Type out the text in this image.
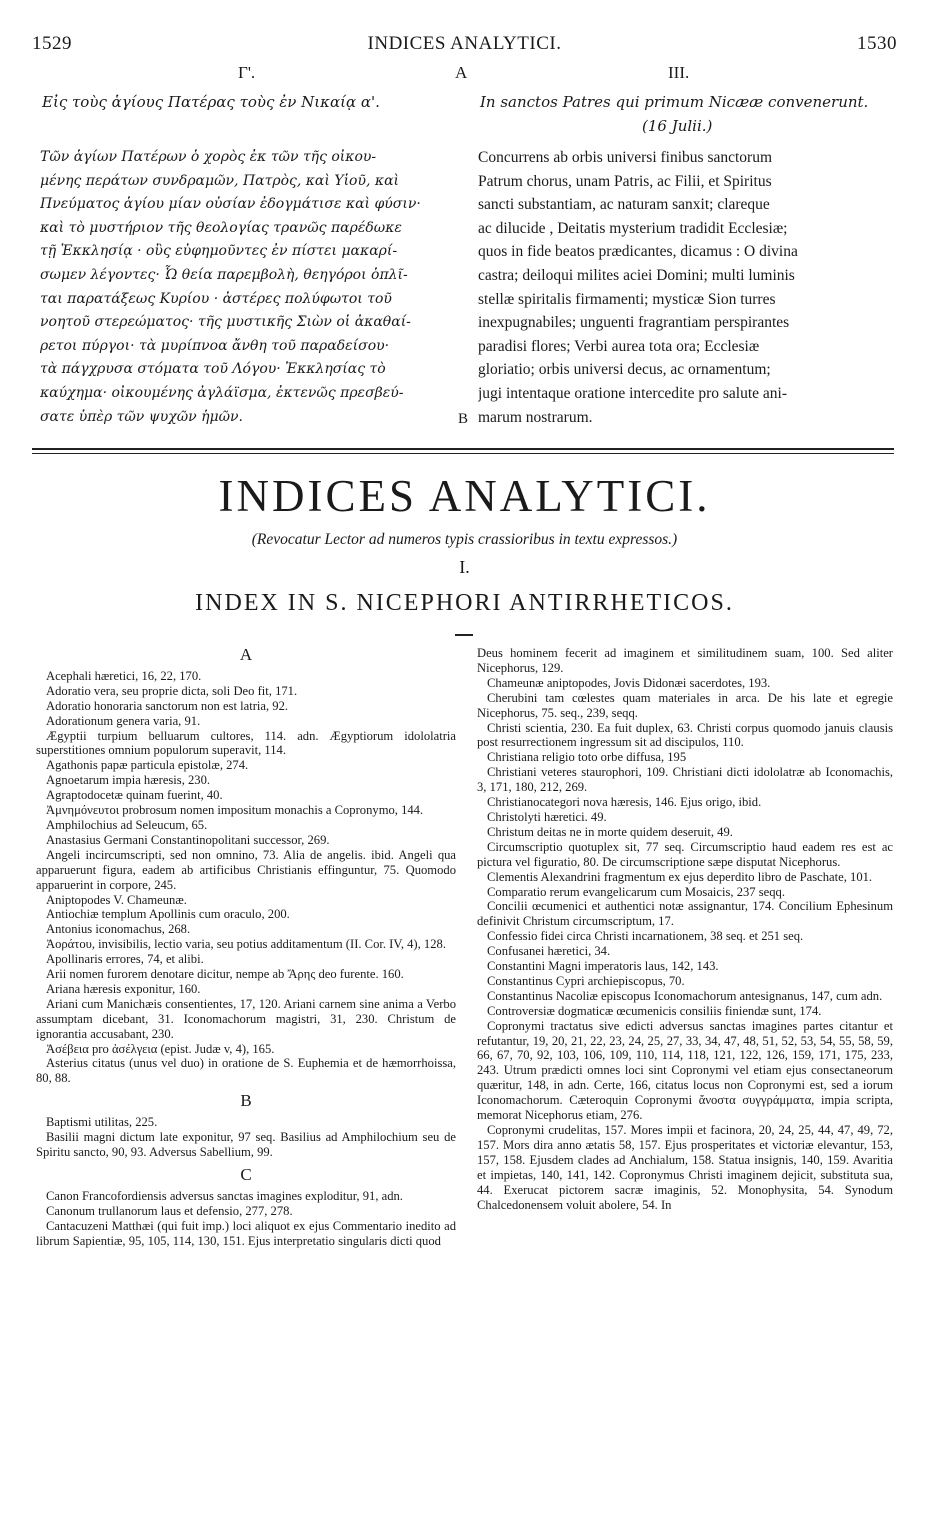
1529	INDICES ANALYTICI.	1530
Γ'.	A	III.
Εἰς τοὺς ἁγίους Πατέρας τοὺς ἐν Νικαίᾳ α'.	In sanctos Patres qui primum Nicææ convenerunt.
(16 Julii.)
Τῶν ἁγίων Πατέρων ὁ χορὸς ἐκ τῶν τῆς οἰκου-
μένης περάτων συνδραμῶν, Πατρὸς, καὶ Υἱοῦ, καὶ
Πνεύματος ἁγίου μίαν οὐσίαν ἐδογμάτισε καὶ φύσιν·
καὶ τὸ μυστήριον τῆς θεολογίας τρανῶς παρέδωκε
τῇ Ἐκκλησίᾳ · οὓς εὐφημοῦντες ἐν πίστει μακαρί-
σωμεν λέγοντες· Ὦ θεία παρεμβολὴ, θεηγόροι ὁπλῖ-
ται παρατάξεως Κυρίου · ἀστέρες πολύφωτοι τοῦ
νοητοῦ στερεώματος· τῆς μυστικῆς Σιὼν οἱ ἀκαθαί-
ρετοι πύργοι· τὰ μυρίπνοα ἄνθη τοῦ παραδείσου·
τὰ πάγχρυσα στόματα τοῦ Λόγου· Ἐκκλησίας τὸ
καύχημα· οἰκουμένης ἀγλάϊσμα, ἐκτενῶς πρεσβεύ-
σατε ὑπὲρ τῶν ψυχῶν ἡμῶν.
Concurrens ab orbis universi finibus sanctorum
Patrum chorus, unam Patris, ac Filii, et Spiritus
sancti substantiam, ac naturam sanxit; clareque
ac dilucide , Deitatis mysterium tradidit Ecclesiæ;
quos in fide beatos prædicantes, dicamus : O divina
castra; deiloqui milites aciei Domini; multi luminis
stellæ spiritalis firmamenti; mysticæ Sion turres
inexpugnabiles; unguenti fragrantiam perspirantes
paradisi flores; Verbi aurea tota ora; Ecclesiæ
gloriatio; orbis universi decus, ac ornamentum;
jugi intentaque oratione intercedite pro salute ani-
marum nostrarum.
B
INDICES ANALYTICI.
(Revocatur Lector ad numeros typis crassioribus in textu expressos.)
I.
INDEX IN S. NICEPHORI ANTIRRHETICOS.

A

Acephali hæretici, 16, 22, 170.

Adoratio vera, seu proprie dicta, soli Deo fit, 171.

Adoratio honoraria sanctorum non est latria, 92.

Adorationum genera varia, 91.

Ægyptii turpium belluarum cultores, 114. adn. Ægyptiorum idololatria superstitiones omnium populorum superavit, 114.

Agathonis papæ particula epistolæ, 274.

Agnoetarum impia hæresis, 230.

Agraptodocetæ quinam fuerint, 40.

Ἀμνημόνευτοι probrosum nomen impositum monachis a Copronymo, 144.

Amphilochius ad Seleucum, 65.

Anastasius Germani Constantinopolitani successor, 269.

Angeli incircumscripti, sed non omnino, 73. Alia de angelis. ibid. Angeli qua apparuerunt figura, eadem ab artificibus Christianis effinguntur, 75. Quomodo apparuerint in corpore, 245.

Aniptopodes V. Chameunæ.

Antiochiæ templum Apollinis cum oraculo, 200.

Antonius iconomachus, 268.

Ἀοράτου, invisibilis, lectio varia, seu potius additamentum (II. Cor. IV, 4), 128.

Apollinaris errores, 74, et alibi.

Arii nomen furorem denotare dicitur, nempe ab Ἄρης deo furente. 160.

Ariana hæresis exponitur, 160.

Ariani cum Manichæis consentientes, 17, 120. Ariani carnem sine anima a Verbo assumptam dicebant, 31. Iconomachorum magistri, 31, 230. Christum de ignorantia accusabant, 230.

Ἀσέβεια pro ἀσέλγεια (epist. Judæ v, 4), 165.

Asterius citatus (unus vel duo) in oratione de S. Euphemia et de hæmorrhoissa, 80, 88.

B

Baptismi utilitas, 225.

Basilii magni dictum late exponitur, 97 seq. Basilius ad Amphilochium seu de Spiritu sancto, 90, 93. Adversus Sabellium, 99.

C

Canon Francofordiensis adversus sanctas imagines exploditur, 91, adn.

Canonum trullanorum laus et defensio, 277, 278.

Cantacuzeni Matthæi (qui fuit imp.) loci aliquot ex ejus Commentario inedito ad librum Sapientiæ, 95, 105, 114, 130, 151. Ejus interpretatio singularis dicti quod

Deus hominem fecerit ad imaginem et similitudinem suam, 100. Sed aliter Nicephorus, 129.

Chameunæ aniptopodes, Jovis Didonæi sacerdotes, 193.

Cherubini tam cœlestes quam materiales in arca. De his late et egregie Nicephorus, 75. seq., 239, seqq.

Christi scientia, 230. Ea fuit duplex, 63. Christi corpus quomodo januis clausis post resurrectionem ingressum sit ad discipulos, 110.

Christiana religio toto orbe diffusa, 195

Christiani veteres staurophori, 109. Christiani dicti idololatræ ab Iconomachis, 3, 171, 180, 212, 269.

Christianocategori nova hæresis, 146. Ejus origo, ibid.

Christolyti hæretici. 49.

Christum deitas ne in morte quidem deseruit, 49.

Circumscriptio quotuplex sit, 77 seq. Circumscriptio haud eadem res est ac pictura vel figuratio, 80. De circumscriptione sæpe disputat Nicephorus.

Clementis Alexandrini fragmentum ex ejus deperdito libro de Paschate, 101.

Comparatio rerum evangelicarum cum Mosaicis, 237 seqq.

Concilii œcumenici et authentici notæ assignantur, 174. Concilium Ephesinum definivit Christum circumscriptum, 17.

Confessio fidei circa Christi incarnationem, 38 seq. et 251 seq.

Confusanei hæretici, 34.

Constantini Magni imperatoris laus, 142, 143.

Constantinus Cypri archiepiscopus, 70.

Constantinus Nacoliæ episcopus Iconomachorum antesignanus, 147, cum adn.

Controversiæ dogmaticæ œcumenicis consiliis finiendæ sunt, 174.

Copronymi tractatus sive edicti adversus sanctas imagines partes citantur et refutantur, 19, 20, 21, 22, 23, 24, 25, 27, 33, 34, 47, 48, 51, 52, 53, 54, 55, 58, 59, 66, 67, 70, 92, 103, 106, 109, 110, 114, 118, 121, 122, 126, 159, 171, 175, 233, 243. Utrum prædicti omnes loci sint Copronymi vel etiam ejus consectaneorum quæritur, 148, in adn. Certe, 166, citatus locus non Copronymi est, sed a iorum Iconomachorum. Cæteroquin Copronymi ἄνοστα συγγράμματα, impia scripta, memorat Nicephorus etiam, 276.

Copronymi crudelitas, 157. Mores impii et facinora, 20, 24, 25, 44, 47, 49, 72, 157. Mors dira anno ætatis 58, 157. Ejus prosperitates et victoriæ elevantur, 153, 157, 158. Ejusdem clades ad Anchialum, 158. Statua insignis, 140, 159. Avaritia et impietas, 140, 141, 142. Copronymus Christi imaginem dejicit, substituta sua, 44. Exerucat pictorem sacræ imaginis, 52. Monophysita, 54. Synodum Chalcedonensem voluit abolere, 54. In
